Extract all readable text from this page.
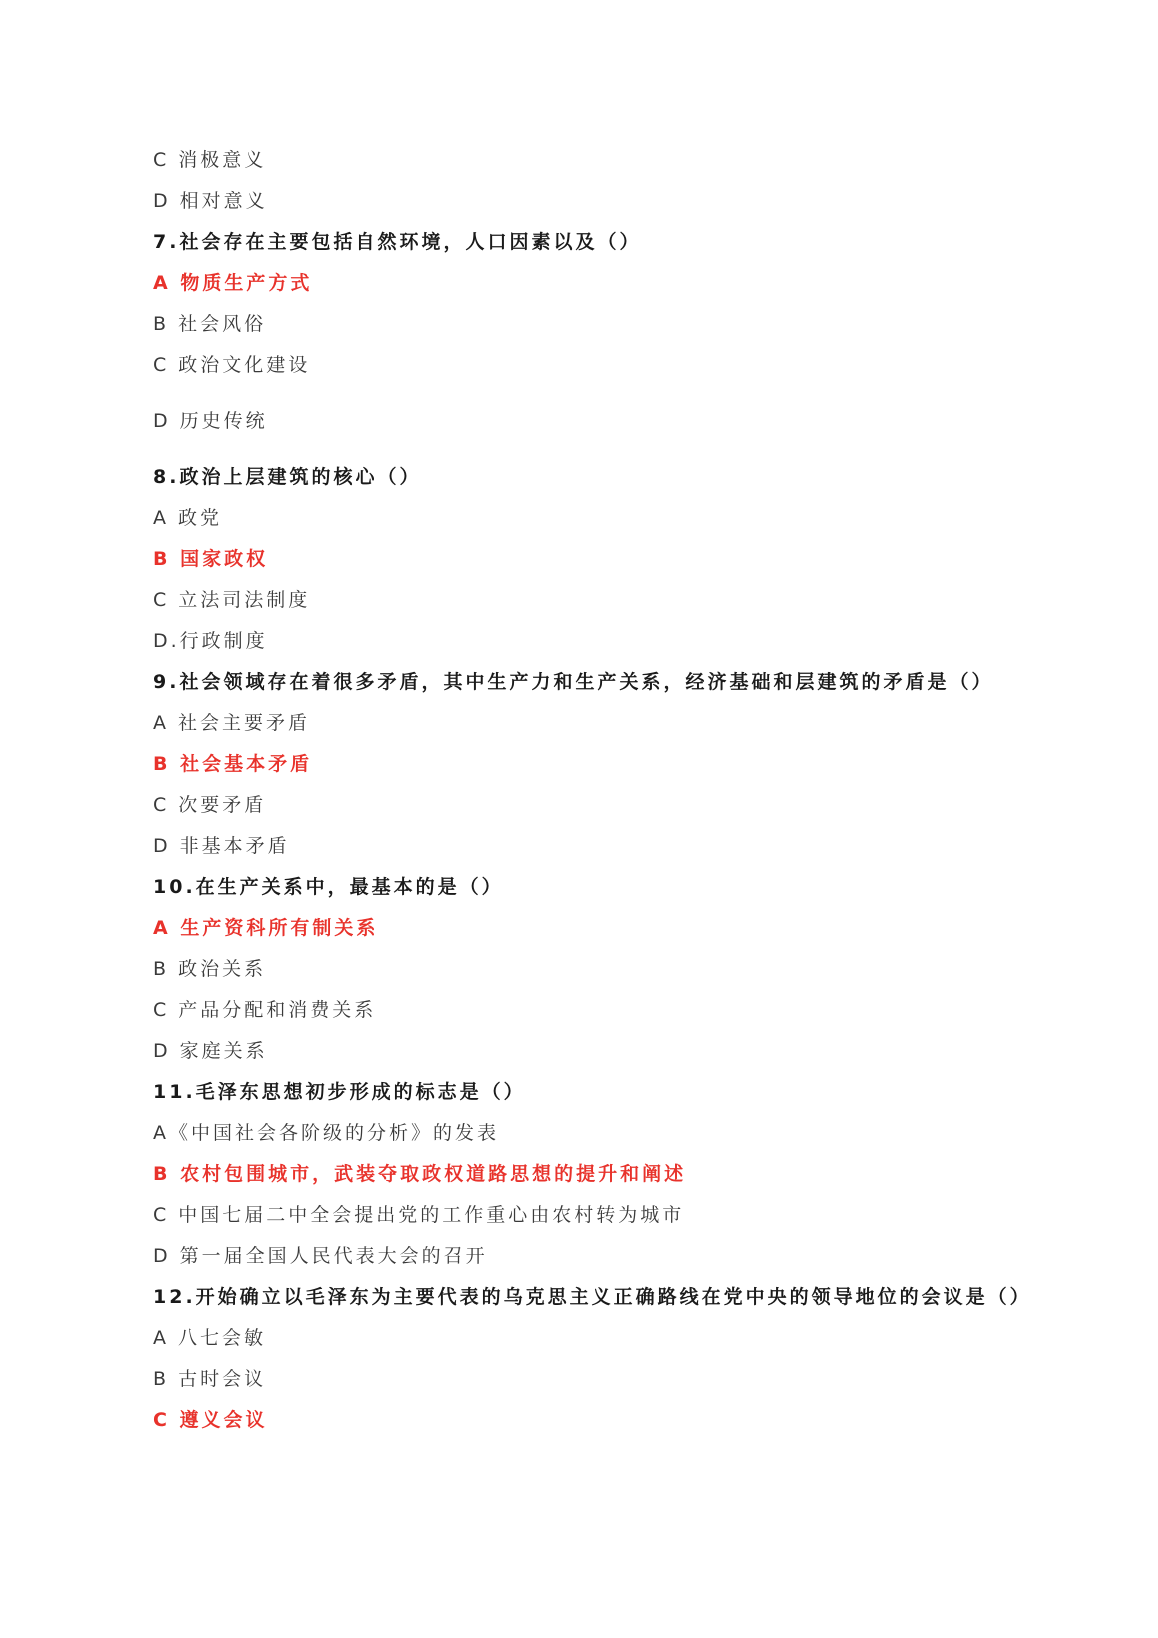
C 消极意义
D 相对意义
7.社会存在主要包括自然环境，人口因素以及（）
A 物质生产方式
B 社会风俗
C 政治文化建设
D 历史传统
8.政治上层建筑的核心（）
A 政党
B 国家政权
C 立法司法制度
D.行政制度
9.社会领域存在着很多矛盾，其中生产力和生产关系，经济基础和层建筑的矛盾是（）
A 社会主要矛盾
B 社会基本矛盾
C 次要矛盾
D 非基本矛盾
10.在生产关系中，最基本的是（）
A 生产资科所有制关系
B 政治关系
C 产品分配和消费关系
D 家庭关系
11.毛泽东思想初步形成的标志是（）
A《中国社会各阶级的分析》的发表
B 农村包围城市，武装夺取政权道路思想的提升和阐述
C 中国七届二中全会提出党的工作重心由农村转为城市
D 第一届全国人民代表大会的召开
12.开始确立以毛泽东为主要代表的乌克思主义正确路线在党中央的领导地位的会议是（）
A 八七会敏
B 古时会议
C 遵义会议
